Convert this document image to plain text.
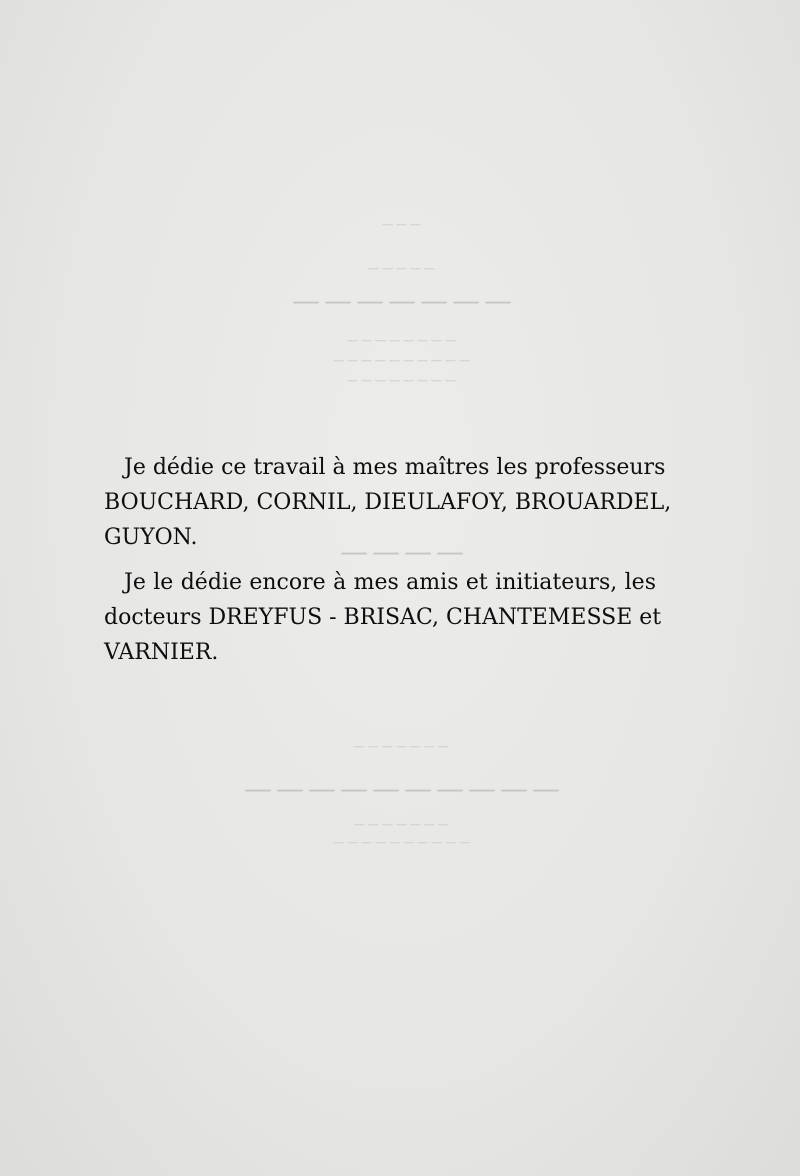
———
—————
———————
————————
——————————
————————
————
———————
——————————
———————
——————————
Je dédie ce travail à mes maîtres les professeurs
BOUCHARD, CORNIL, DIEULAFOY, BROUARDEL,
GUYON.
Je le dédie encore à mes amis et initiateurs, les
docteurs DREYFUS - BRISAC, CHANTEMESSE et
VARNIER.
